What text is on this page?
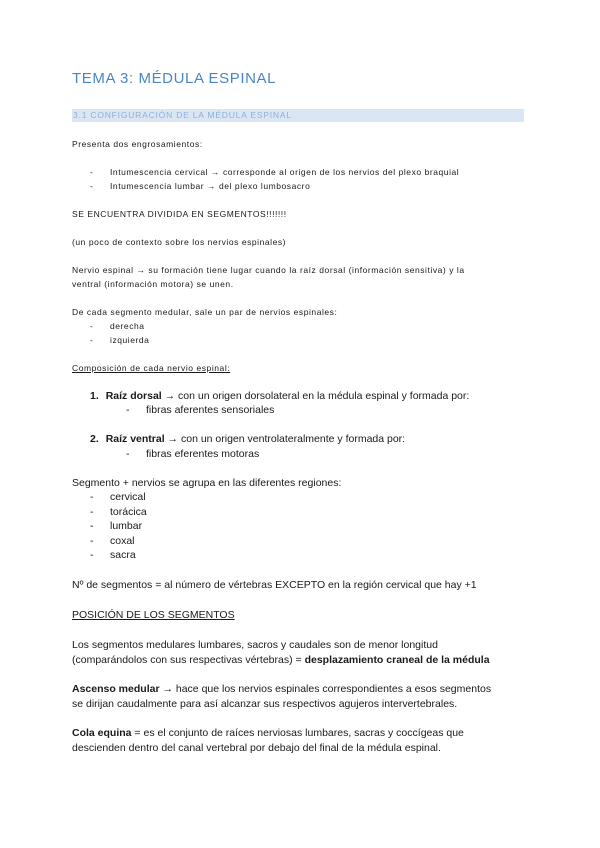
TEMA 3: MÉDULA ESPINAL
3.1 CONFIGURACIÓN DE LA MÉDULA ESPINAL
Presenta dos engrosamientos:
- Intumescencia cervical → corresponde al origen de los nervios del plexo braquial
- Intumescencia lumbar → del plexo lumbosacro
SE ENCUENTRA DIVIDIDA EN SEGMENTOS!!!!!!!
(un poco de contexto sobre los nervios espinales)
Nervio espinal → su formación tiene lugar cuando la raíz dorsal (información sensitiva) y la
ventral (información motora) se unen.
De cada segmento medular, sale un par de nervios espinales:
- derecha
- izquierda
Composición de cada nervio espinal:
1. Raíz dorsal → con un origen dorsolateral en la médula espinal y formada por:
- fibras aferentes sensoriales
2. Raíz ventral → con un origen ventrolateralmente y formada por:
- fibras eferentes motoras
Segmento + nervios se agrupa en las diferentes regiones:
- cervical
- torácica
- lumbar
- coxal
- sacra
Nº de segmentos = al número de vértebras EXCEPTO en la región cervical que hay +1
POSICIÓN DE LOS SEGMENTOS
Los segmentos medulares lumbares, sacros y caudales son de menor longitud
(comparándolos con sus respectivas vértebras) = desplazamiento craneal de la médula
Ascenso medular → hace que los nervios espinales correspondientes a esos segmentos
se dirijan caudalmente para así alcanzar sus respectivos agujeros intervertebrales.
Cola equina = es el conjunto de raíces nerviosas lumbares, sacras y coccígeas que
descienden dentro del canal vertebral por debajo del final de la médula espinal.
